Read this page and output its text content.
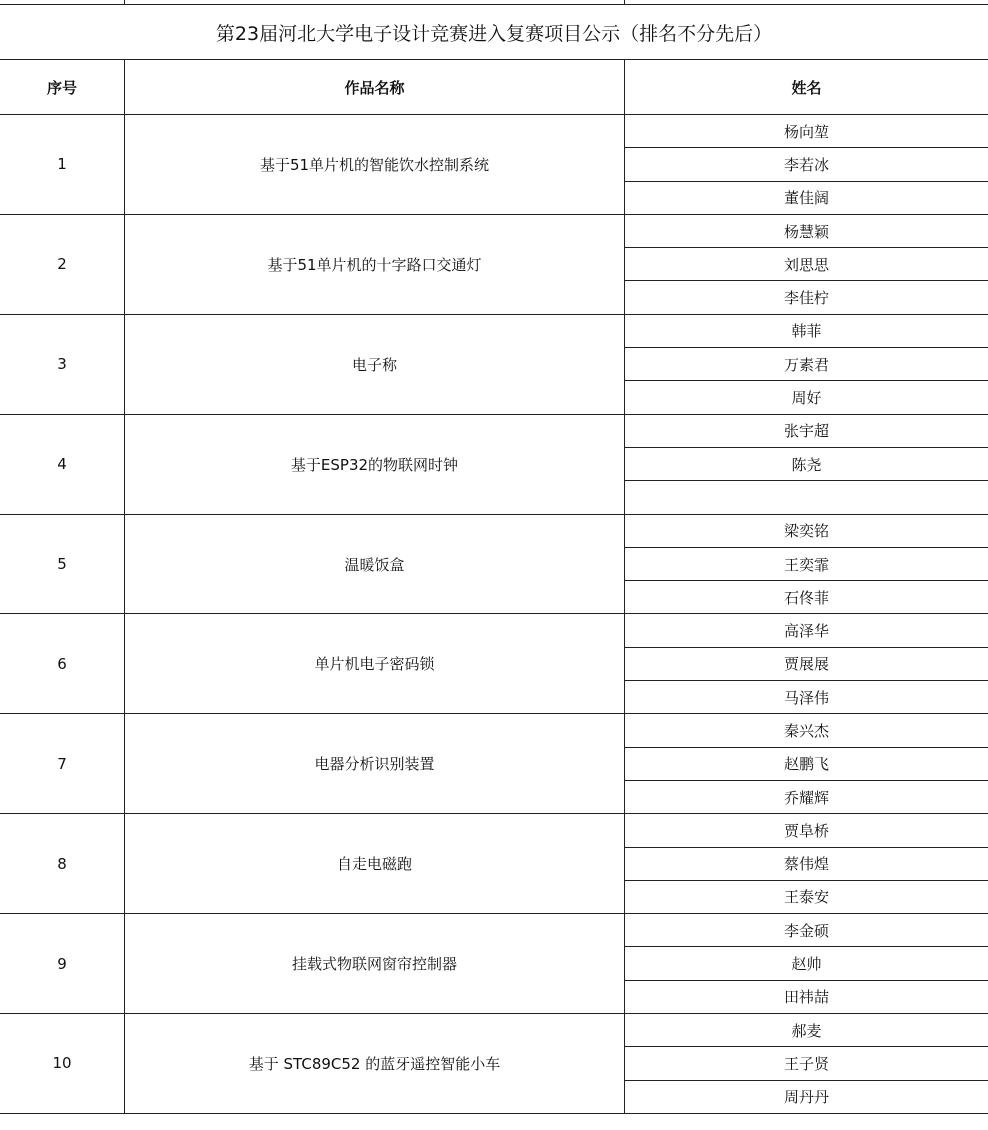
第23届河北大学电子设计竞赛进入复赛项目公示（排名不分先后）		
序号	作品名称	姓名
1	基于51单片机的智能饮水控制系统	杨向堃
		李若冰
		董佳阔
2	基于51单片机的十字路口交通灯	杨慧颖
		刘思思
		李佳柠
3	电子称	韩菲
		万素君
		周好
4	基于ESP32的物联网时钟	张宇超
		陈尧

5	温暖饭盒	梁奕铭
		王奕霏
		石佟菲
6	单片机电子密码锁	高泽华
		贾展展
		马泽伟
7	电器分析识别装置	秦兴杰
		赵鹏飞
		乔耀辉
8	自走电磁跑	贾阜桥
		蔡伟煌
		王泰安
9	挂载式物联网窗帘控制器	李金硕
		赵帅
		田祎喆
10	基于 STC89C52 的蓝牙遥控智能小车	郝麦
		王子贤
		周丹丹
